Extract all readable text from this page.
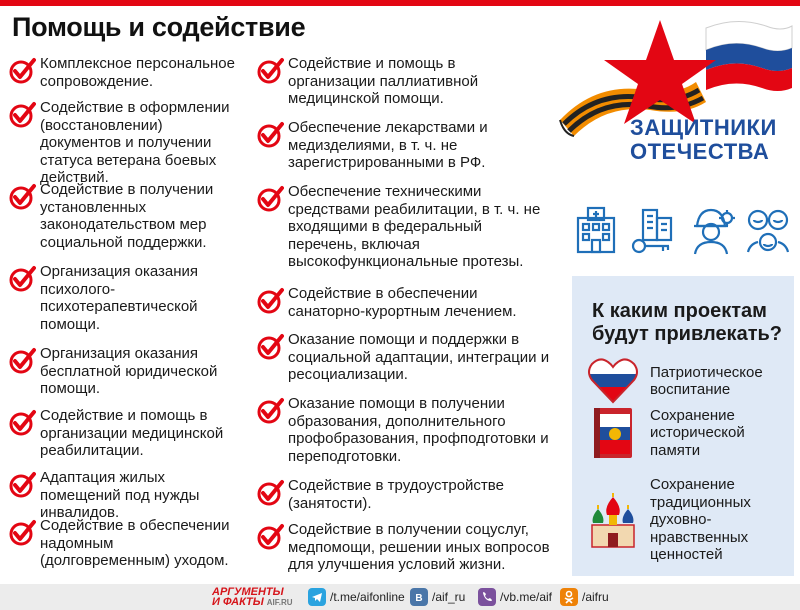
Помощь и содействие
Комплексное персональное сопровождение.
Содействие в оформлении (восстановлении) документов и получении статуса ветерана боевых действий.
Содействие в получении установленных законодательством мер социальной поддержки.
Организация оказания психолого-психотерапевтической помощи.
Организация оказания бесплатной юридической помощи.
Содействие и помощь в организации медицинской реабилитации.
Адаптация жилых помещений под нужды инвалидов.
Содействие в обеспечении надомным (долговременным) уходом.
Содействие и помощь в организации паллиативной медицинской помощи.
Обеспечение лекарствами и медизделиями, в т. ч. не зарегистрированными в РФ.
Обеспечение техническими средствами реабилитации, в т. ч. не входящими в федеральный перечень, включая высокофункциональные протезы.
Содействие в обеспечении санаторно-курортным лечением.
Оказание помощи и поддержки в социальной адаптации, интеграции и ресоциализации.
Оказание помощи в получении образования, дополнительного профобразования, профподготовки и переподготовки.
Содействие в трудоустройстве (занятости).
Содействие в получении соцуслуг, медпомощи, решении иных вопросов для улучшения условий жизни.
ЗАЩИТНИКИ
ОТЕЧЕСТВА
К каким проектам будут привлекать?
Патриотическое воспитание
Сохранение исторической памяти
Сохранение традиционных духовно-нравственных ценностей
АРГУМЕНТЫ
И ФАКТЫ AIF.RU	/t.me/aifonline B /aif_ru	/vb.me/aif /aifru
